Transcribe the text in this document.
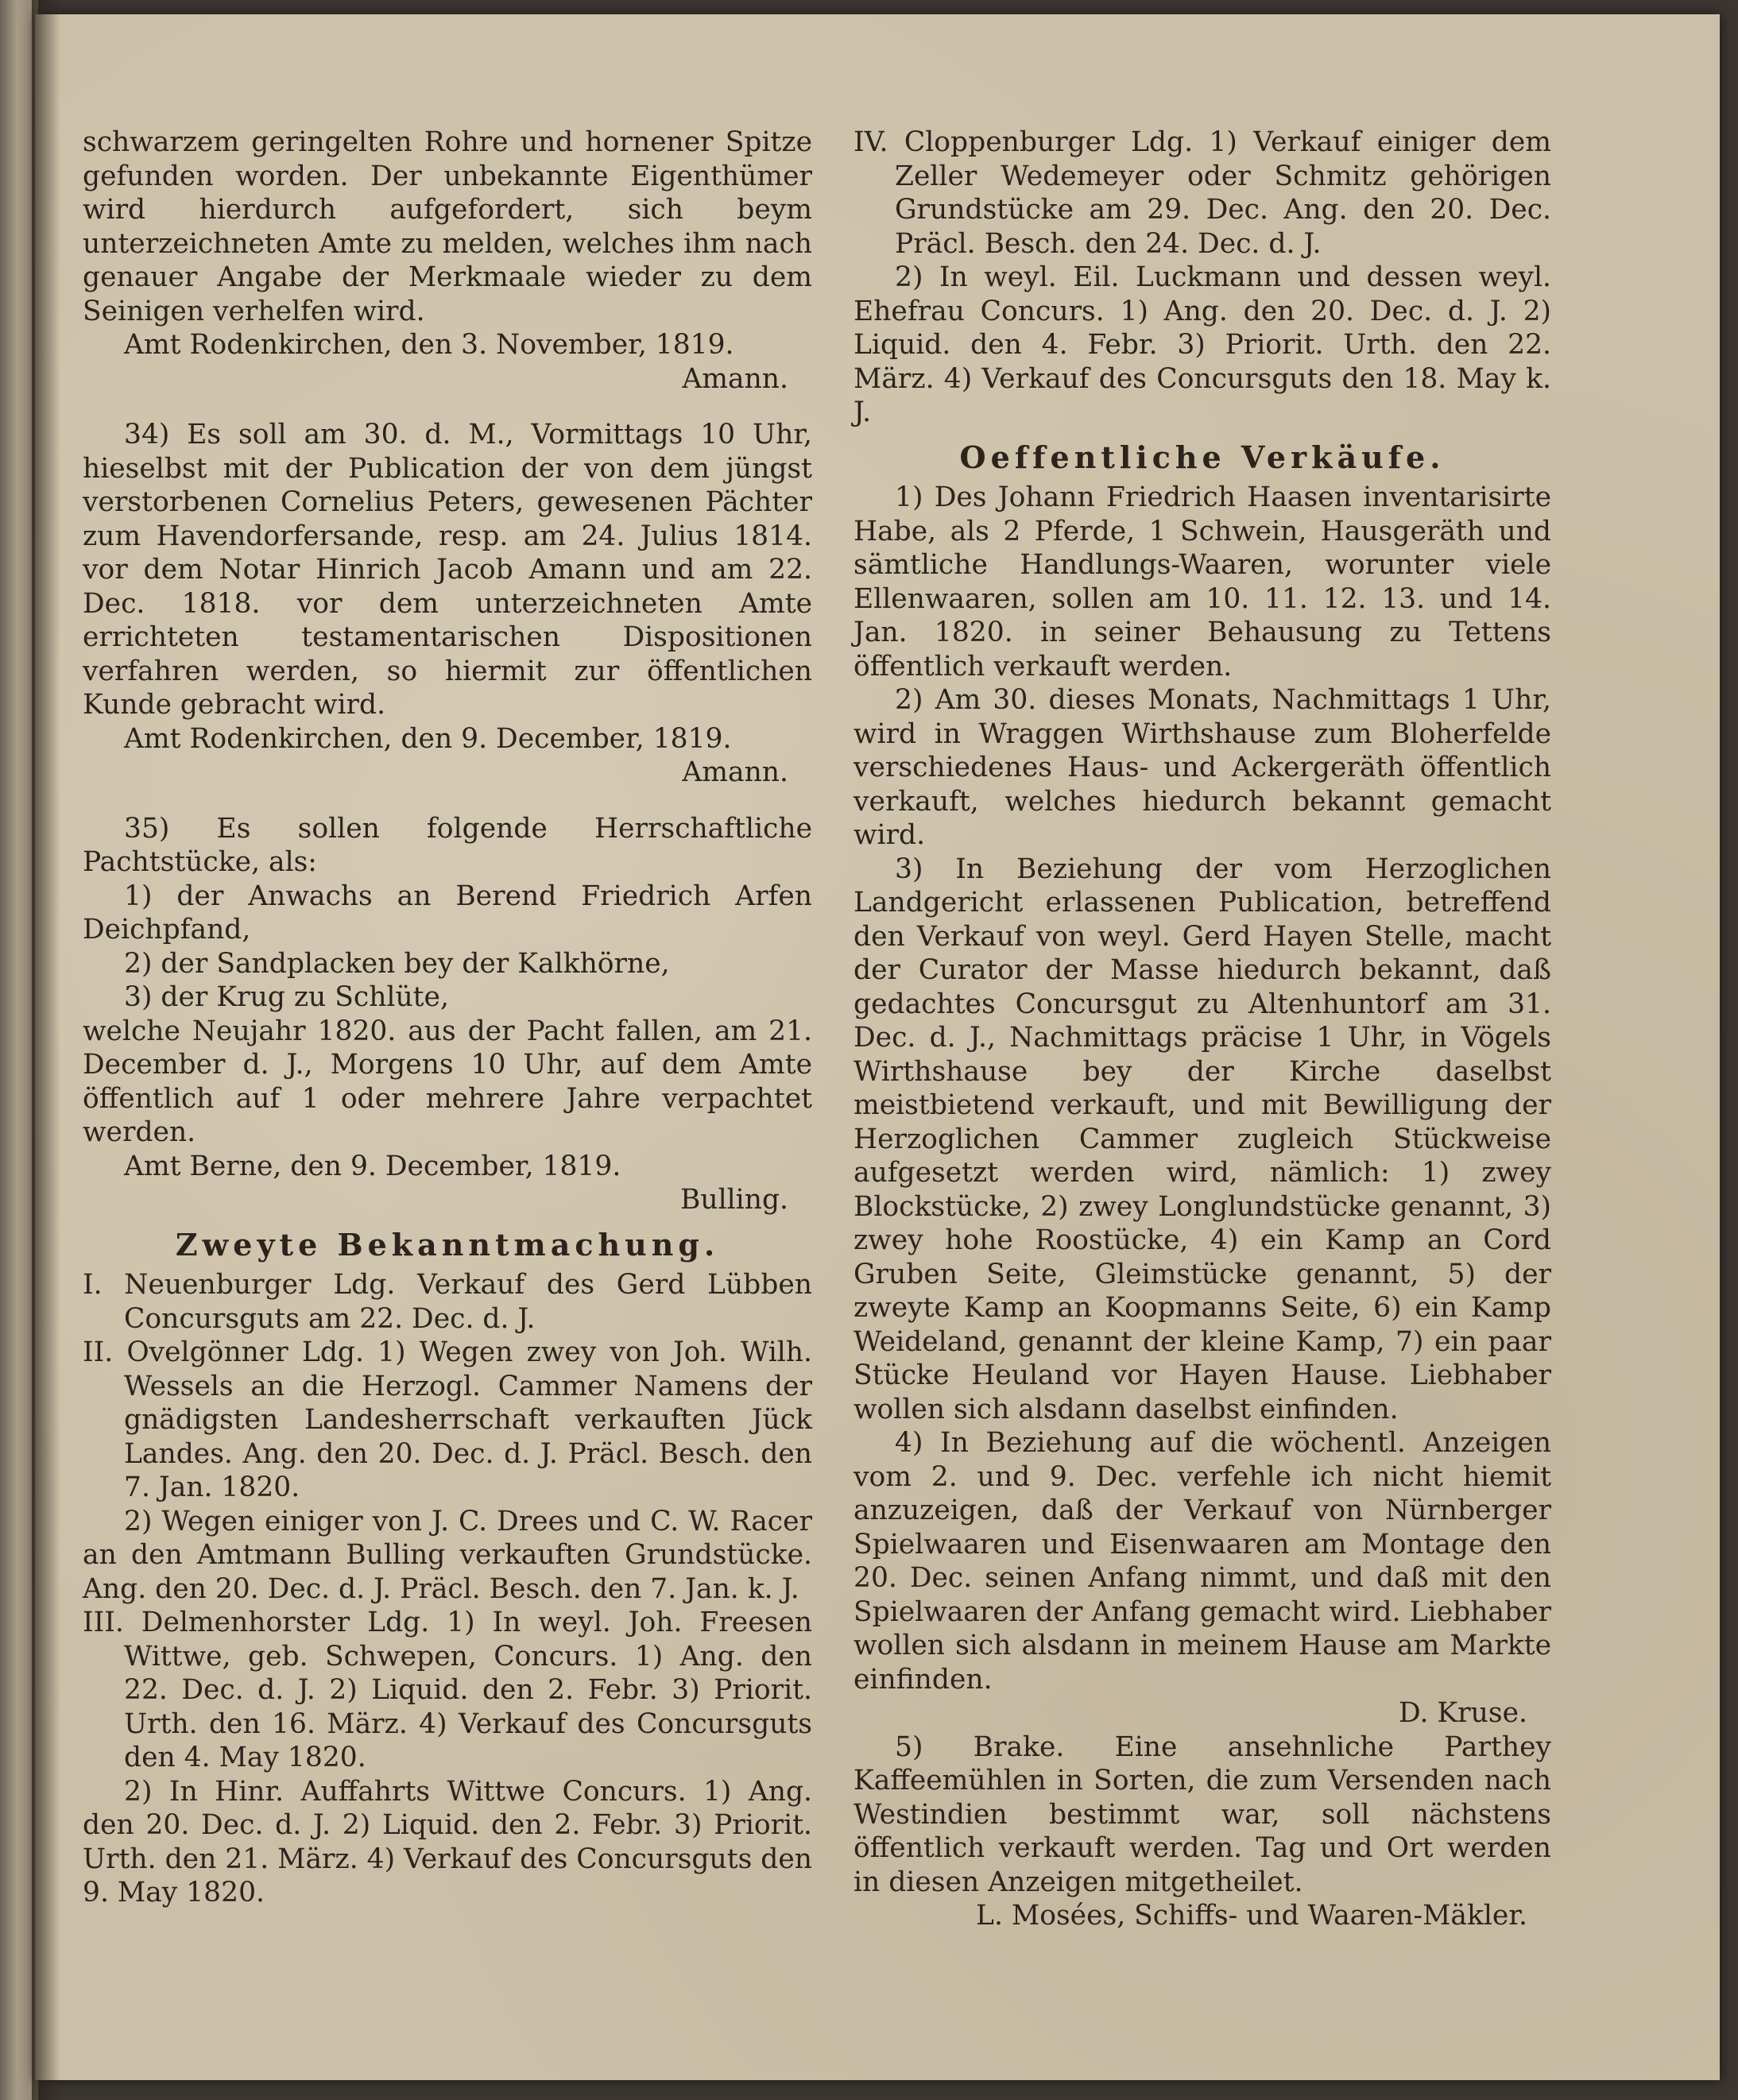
schwarzem geringelten Rohre und hornener Spitze gefunden worden. Der unbekannte Eigenthümer wird hierdurch aufgefordert, sich beym unterzeichneten Amte zu melden, welches ihm nach genauer Angabe der Merkmaale wieder zu dem Seinigen verhelfen wird.

Amt Rodenkirchen, den 3. November, 1819.

Amann.

34) Es soll am 30. d. M., Vormittags 10 Uhr, hieselbst mit der Publication der von dem jüngst verstorbenen Cornelius Peters, gewesenen Pächter zum Havendorfersande, resp. am 24. Julius 1814. vor dem Notar Hinrich Jacob Amann und am 22. Dec. 1818. vor dem unterzeichneten Amte errichteten testamentarischen Dispositionen verfahren werden, so hiermit zur öffentlichen Kunde gebracht wird.

Amt Rodenkirchen, den 9. December, 1819.

Amann.

35) Es sollen folgende Herrschaftliche Pachtstücke, als:

1) der Anwachs an Berend Friedrich Arfen Deichpfand,

2) der Sandplacken bey der Kalkhörne,

3) der Krug zu Schlüte,

welche Neujahr 1820. aus der Pacht fallen, am 21. December d. J., Morgens 10 Uhr, auf dem Amte öffentlich auf 1 oder mehrere Jahre verpachtet werden.

Amt Berne, den 9. December, 1819.

Bulling.

Zweyte Bekanntmachung.

I. Neuenburger Ldg. Verkauf des Gerd Lübben Concursguts am 22. Dec. d. J.

II. Ovelgönner Ldg. 1) Wegen zwey von Joh. Wilh. Wessels an die Herzogl. Cammer Namens der gnädigsten Landesherrschaft verkauften Jück Landes. Ang. den 20. Dec. d. J. Präcl. Besch. den 7. Jan. 1820.

2) Wegen einiger von J. C. Drees und C. W. Racer an den Amtmann Bulling verkauften Grundstücke. Ang. den 20. Dec. d. J. Präcl. Besch. den 7. Jan. k. J.

III. Delmenhorster Ldg. 1) In weyl. Joh. Freesen Wittwe, geb. Schwepen, Concurs. 1) Ang. den 22. Dec. d. J. 2) Liquid. den 2. Febr. 3) Priorit. Urth. den 16. März. 4) Verkauf des Concursguts den 4. May 1820.

2) In Hinr. Auffahrts Wittwe Concurs. 1) Ang. den 20. Dec. d. J. 2) Liquid. den 2. Febr. 3) Priorit. Urth. den 21. März. 4) Verkauf des Concursguts den 9. May 1820.

IV. Cloppenburger Ldg. 1) Verkauf einiger dem Zeller Wedemeyer oder Schmitz gehörigen Grundstücke am 29. Dec. Ang. den 20. Dec. Präcl. Besch. den 24. Dec. d. J.

2) In weyl. Eil. Luckmann und dessen weyl. Ehefrau Concurs. 1) Ang. den 20. Dec. d. J. 2) Liquid. den 4. Febr. 3) Priorit. Urth. den 22. März. 4) Verkauf des Concursguts den 18. May k. J.

Oeffentliche Verkäufe.

1) Des Johann Friedrich Haasen inventarisirte Habe, als 2 Pferde, 1 Schwein, Hausgeräth und sämtliche Handlungs-Waaren, worunter viele Ellenwaaren, sollen am 10. 11. 12. 13. und 14. Jan. 1820. in seiner Behausung zu Tettens öffentlich verkauft werden.

2) Am 30. dieses Monats, Nachmittags 1 Uhr, wird in Wraggen Wirthshause zum Bloherfelde verschiedenes Haus- und Ackergeräth öffentlich verkauft, welches hiedurch bekannt gemacht wird.

3) In Beziehung der vom Herzoglichen Landgericht erlassenen Publication, betreffend den Verkauf von weyl. Gerd Hayen Stelle, macht der Curator der Masse hiedurch bekannt, daß gedachtes Concursgut zu Altenhuntorf am 31. Dec. d. J., Nachmittags präcise 1 Uhr, in Vögels Wirthshause bey der Kirche daselbst meistbietend verkauft, und mit Bewilligung der Herzoglichen Cammer zugleich Stückweise aufgesetzt werden wird, nämlich: 1) zwey Blockstücke, 2) zwey Longlundstücke genannt, 3) zwey hohe Roostücke, 4) ein Kamp an Cord Gruben Seite, Gleimstücke genannt, 5) der zweyte Kamp an Koopmanns Seite, 6) ein Kamp Weideland, genannt der kleine Kamp, 7) ein paar Stücke Heuland vor Hayen Hause. Liebhaber wollen sich alsdann daselbst einfinden.

4) In Beziehung auf die wöchentl. Anzeigen vom 2. und 9. Dec. verfehle ich nicht hiemit anzuzeigen, daß der Verkauf von Nürnberger Spielwaaren und Eisenwaaren am Montage den 20. Dec. seinen Anfang nimmt, und daß mit den Spielwaaren der Anfang gemacht wird. Liebhaber wollen sich alsdann in meinem Hause am Markte einfinden.

D. Kruse.

5) Brake. Eine ansehnliche Parthey Kaffeemühlen in Sorten, die zum Versenden nach Westindien bestimmt war, soll nächstens öffentlich verkauft werden. Tag und Ort werden in diesen Anzeigen mitgetheilet.

L. Mosées, Schiffs- und Waaren-Mäkler.
